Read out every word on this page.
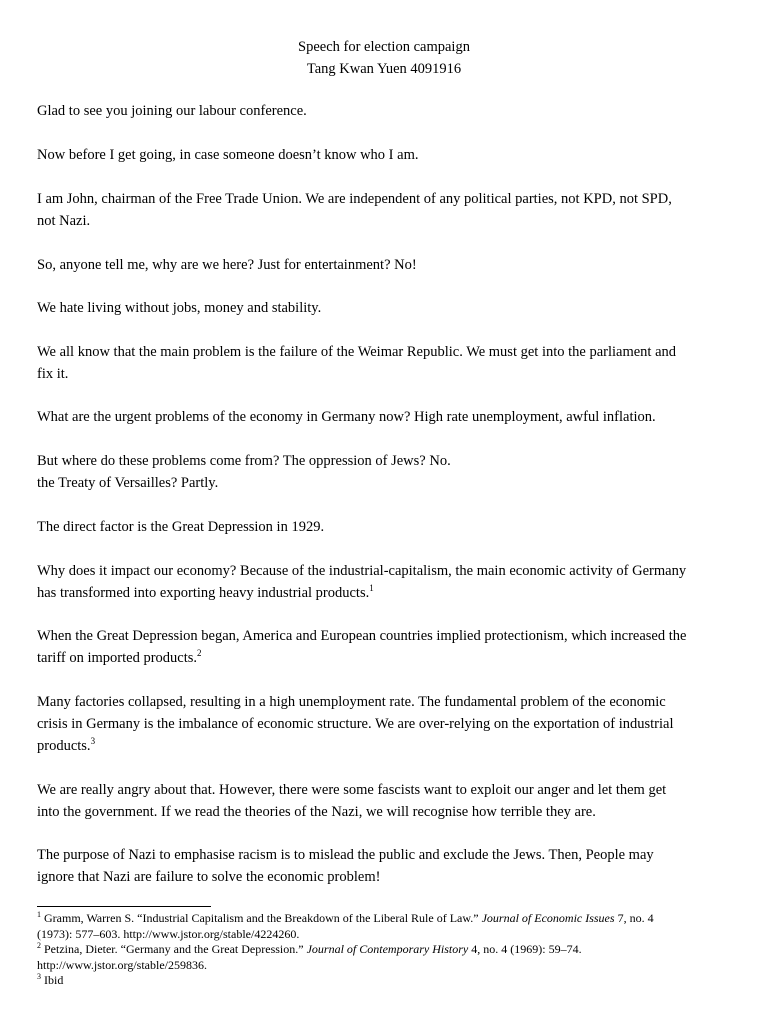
Speech for election campaign
Tang Kwan Yuen 4091916

Glad to see you joining our labour conference.

Now before I get going, in case someone doesn’t know who I am.

I am John, chairman of the Free Trade Union. We are independent of any political parties, not KPD, not SPD,
not Nazi.

So, anyone tell me, why are we here? Just for entertainment? No!

We hate living without jobs, money and stability.

We all know that the main problem is the failure of the Weimar Republic. We must get into the parliament and
fix it.

What are the urgent problems of the economy in Germany now? High rate unemployment, awful inflation.

But where do these problems come from? The oppression of Jews? No.
the Treaty of Versailles? Partly.

The direct factor is the Great Depression in 1929.

Why does it impact our economy? Because of the industrial-capitalism, the main economic activity of Germany
has transformed into exporting heavy industrial products.$^1$

When the Great Depression began, America and European countries implied protectionism, which increased the
tariff on imported products.$^2$

Many factories collapsed, resulting in a high unemployment rate. The fundamental problem of the economic
crisis in Germany is the imbalance of economic structure. We are over-relying on the exportation of industrial
products.$^3$

We are really angry about that. However, there were some fascists want to exploit our anger and let them get
into the government. If we read the theories of the Nazi, we will recognise how terrible they are.

The purpose of Nazi to emphasise racism is to mislead the public and exclude the Jews. Then, People may
ignore that Nazi are failure to solve the economic problem!

$^1$ Gramm, Warren S. “Industrial Capitalism and the Breakdown of the Liberal Rule of Law.” Journal of Economic Issues 7, no. 4
(1973): 577–603. http://www.jstor.org/stable/4224260.
$^2$ Petzina, Dieter. “Germany and the Great Depression.” Journal of Contemporary History 4, no. 4 (1969): 59–74.
http://www.jstor.org/stable/259836.
$^3$ Ibid
